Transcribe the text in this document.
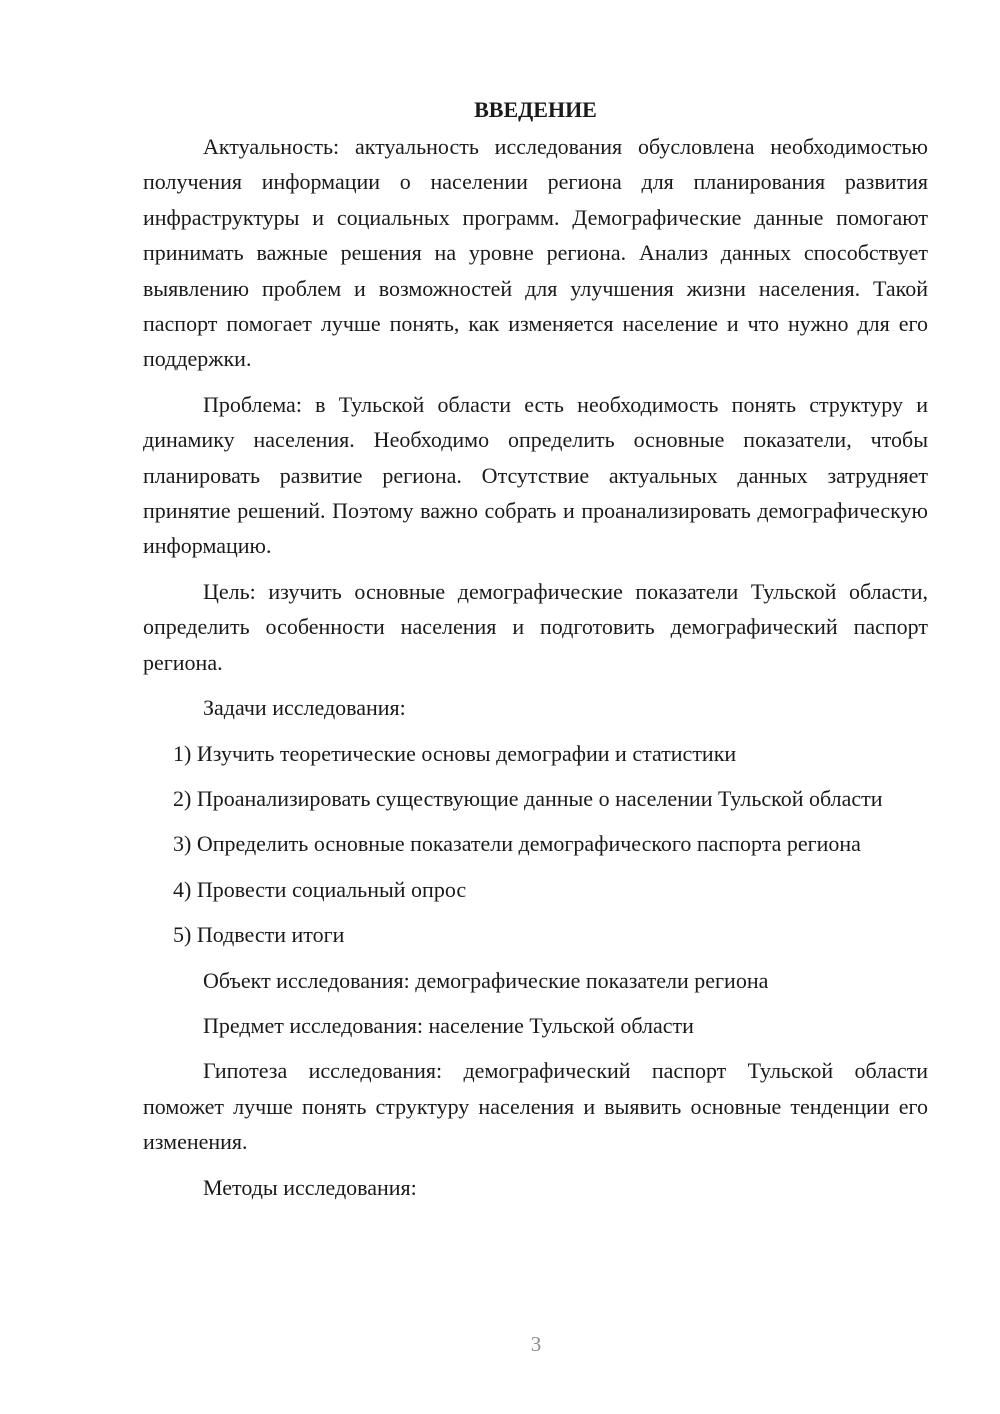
ВВЕДЕНИЕ

Актуальность: актуальность исследования обусловлена необходимостью получения информации о населении региона для планирования развития инфраструктуры и социальных программ. Демографические данные помогают принимать важные решения на уровне региона. Анализ данных способствует выявлению проблем и возможностей для улучшения жизни населения. Такой паспорт помогает лучше понять, как изменяется население и что нужно для его поддержки.

Проблема: в Тульской области есть необходимость понять структуру и динамику населения. Необходимо определить основные показатели, чтобы планировать развитие региона. Отсутствие актуальных данных затрудняет принятие решений. Поэтому важно собрать и проанализировать демографическую информацию.

Цель: изучить основные демографические показатели Тульской области, определить особенности населения и подготовить демографический паспорт региона.

Задачи исследования:

1) Изучить теоретические основы демографии и статистики

2) Проанализировать существующие данные о населении Тульской области

3) Определить основные показатели демографического паспорта региона

4) Провести социальный опрос

5) Подвести итоги

Объект исследования: демографические показатели региона

Предмет исследования: население Тульской области

Гипотеза исследования: демографический паспорт Тульской области поможет лучше понять структуру населения и выявить основные тенденции его изменения.

Методы исследования:

3
